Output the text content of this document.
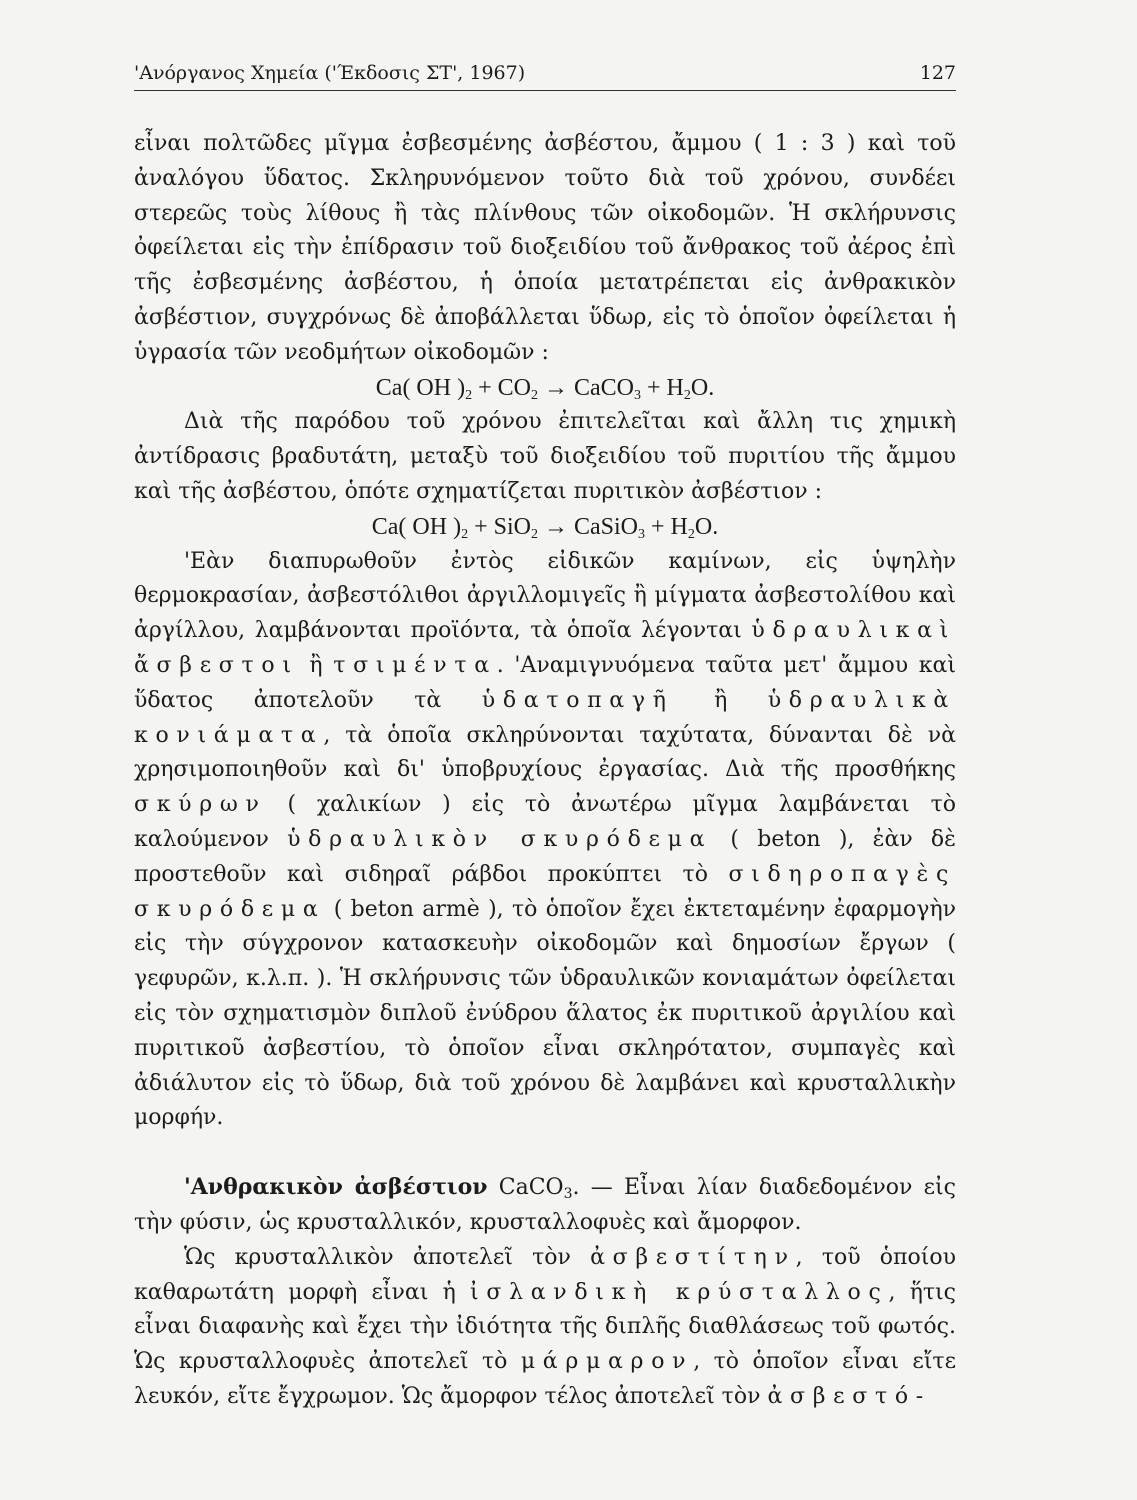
'Ανόργανος Χημεία ('Έκδοσις ΣΤ', 1967)	127

εἶναι πολτῶδες μῖγμα ἐσβεσμένης ἀσβέστου, ἄμμου ( 1 : 3 ) καὶ τοῦ ἀναλόγου ὕδατος. Σκληρυνόμενον τοῦτο διὰ τοῦ χρόνου, συνδέει στερεῶς τοὺς λίθους ἢ τὰς πλίνθους τῶν οἰκοδομῶν. Ἡ σκλήρυνσις ὀφείλεται εἰς τὴν ἐπίδρασιν τοῦ διοξειδίου τοῦ ἄνθρακος τοῦ ἀέρος ἐπὶ τῆς ἐσβεσμένης ἀσβέστου, ἡ ὁποία μετατρέπεται εἰς ἀνθρακικὸν ἀσβέστιον, συγχρόνως δὲ ἀποβάλλεται ὕδωρ, εἰς τὸ ὁποῖον ὀφείλεται ἡ ὑγρασία τῶν νεοδμήτων οἰκοδομῶν :

Ca( OH )$_2 + CO_2$ → CaCO$_3$ + $H_2O$.

Διὰ τῆς παρόδου τοῦ χρόνου ἐπιτελεῖται καὶ ἄλλη τις χημικὴ ἀντίδρασις βραδυτάτη, μεταξὺ τοῦ διοξειδίου τοῦ πυριτίου τῆς ἄμμου καὶ τῆς ἀσβέστου, ὁπότε σχηματίζεται πυριτικὸν ἀσβέστιον :

Ca( OH )$_2 + SiO_2$ → CaSiO$_3$ + $H_2O$.

'Εὰν διαπυρωθοῦν ἐντὸς εἰδικῶν καμίνων, εἰς ὑψηλὴν θερμοκρασίαν, ἀσβεστόλιθοι ἀργιλλομιγεῖς ἢ μίγματα ἀσβεστολίθου καὶ ἀργίλλου, λαμβάνονται προϊόντα, τὰ ὁποῖα λέγονται ὑδραυλικαὶ ἄσβεστοι ἢ τσιμέντα. 'Αναμιγνυόμενα ταῦτα μετ' ἄμμου καὶ ὕδατος ἀποτελοῦν τὰ ὑδατοπαγῆ ἢ ὑδραυλικὰ κονιάματα, τὰ ὁποῖα σκληρύνονται ταχύτατα, δύνανται δὲ νὰ χρησιμοποιηθοῦν καὶ δι' ὑποβρυχίους ἐργασίας. Διὰ τῆς προσθήκης σκύρων ( χαλικίων ) εἰς τὸ ἀνωτέρω μῖγμα λαμβάνεται τὸ καλούμενον ὑδραυλικὸν σκυρόδεμα ( beton ), ἐὰν δὲ προστεθοῦν καὶ σιδηραῖ ράβδοι προκύπτει τὸ σιδηροπαγὲς σκυρόδεμα ( beton armè ), τὸ ὁποῖον ἔχει ἐκτεταμένην ἐφαρμογὴν εἰς τὴν σύγχρονον κατασκευὴν οἰκοδομῶν καὶ δημοσίων ἔργων ( γεφυρῶν, κ.λ.π. ). Ἡ σκλήρυνσις τῶν ὑδραυλικῶν κονιαμάτων ὀφείλεται εἰς τὸν σχηματισμὸν διπλοῦ ἐνύδρου ἅλατος ἐκ πυριτικοῦ ἀργιλίου καὶ πυριτικοῦ ἀσβεστίου, τὸ ὁποῖον εἶναι σκληρότατον, συμπαγὲς καὶ ἀδιάλυτον εἰς τὸ ὕδωρ, διὰ τοῦ χρόνου δὲ λαμβάνει καὶ κρυσταλλικὴν μορφήν.

'Ανθρακικὸν ἀσβέστιον CaCO$_3$. — Εἶναι λίαν διαδεδομένον εἰς τὴν φύσιν, ὡς κρυσταλλικόν, κρυσταλλοφυὲς καὶ ἄμορφον.

Ὡς κρυσταλλικὸν ἀποτελεῖ τὸν ἀσβεστίτην, τοῦ ὁποίου καθαρωτάτη μορφὴ εἶναι ἡ ἰσλανδικὴ κρύσταλλος, ἥτις εἶναι διαφανὴς καὶ ἔχει τὴν ἰδιότητα τῆς διπλῆς διαθλάσεως τοῦ φωτός. Ὡς κρυσταλλοφυὲς ἀποτελεῖ τὸ μάρμαρον, τὸ ὁποῖον εἶναι εἴτε λευκόν, εἴτε ἔγχρωμον. Ὡς ἄμορφον τέλος ἀποτελεῖ τὸν ἀσβεστό-
